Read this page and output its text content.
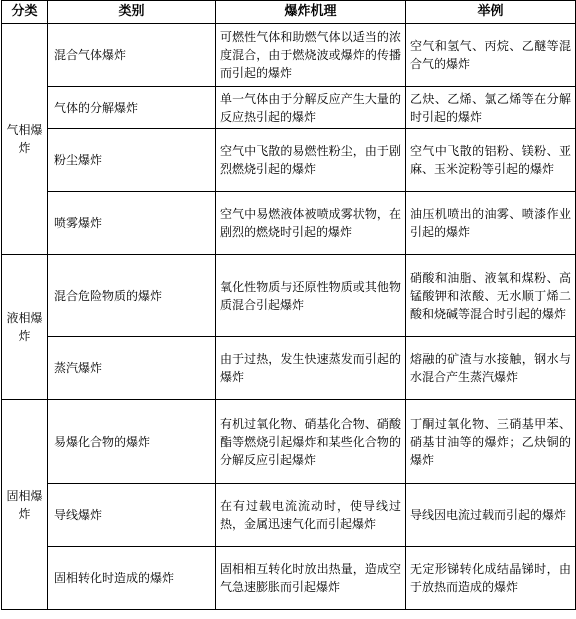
分类	类别	爆炸机理	举例
气相爆炸	混合气体爆炸	可燃性气体和助燃气体以适当的浓度混合，由于燃烧波或爆炸的传播而引起的爆炸	空气和氢气、丙烷、乙醚等混合气的爆炸
	气体的分解爆炸	单一气体由于分解反应产生大量的反应热引起的爆炸	乙炔、乙烯、氯乙烯等在分解时引起的爆炸
	粉尘爆炸	空气中飞散的易燃性粉尘，由于剧烈燃烧引起的爆炸	空气中飞散的铝粉、镁粉、亚麻、玉米淀粉等引起的爆炸
	喷雾爆炸	空气中易燃液体被喷成雾状物，在剧烈的燃烧时引起的爆炸	油压机喷出的油雾、喷漆作业引起的爆炸
液相爆炸	混合危险物质的爆炸	氧化性物质与还原性物质或其他物质混合引起爆炸	硝酸和油脂、液氧和煤粉、高锰酸钾和浓酸、无水顺丁烯二酸和烧碱等混合时引起的爆炸
	蒸汽爆炸	由于过热，发生快速蒸发而引起的爆炸	熔融的矿渣与水接触，钢水与水混合产生蒸汽爆炸
固相爆炸	易爆化合物的爆炸	有机过氧化物、硝基化合物、硝酸酯等燃烧引起爆炸和某些化合物的分解反应引起爆炸	丁酮过氧化物、三硝基甲苯、硝基甘油等的爆炸；乙炔铜的爆炸
	导线爆炸	在有过载电流流动时，使导线过热，金属迅速气化而引起爆炸	导线因电流过载而引起的爆炸
	固相转化时造成的爆炸	固相相互转化时放出热量，造成空气急速膨胀而引起爆炸	无定形锑转化成结晶锑时，由于放热而造成的爆炸
